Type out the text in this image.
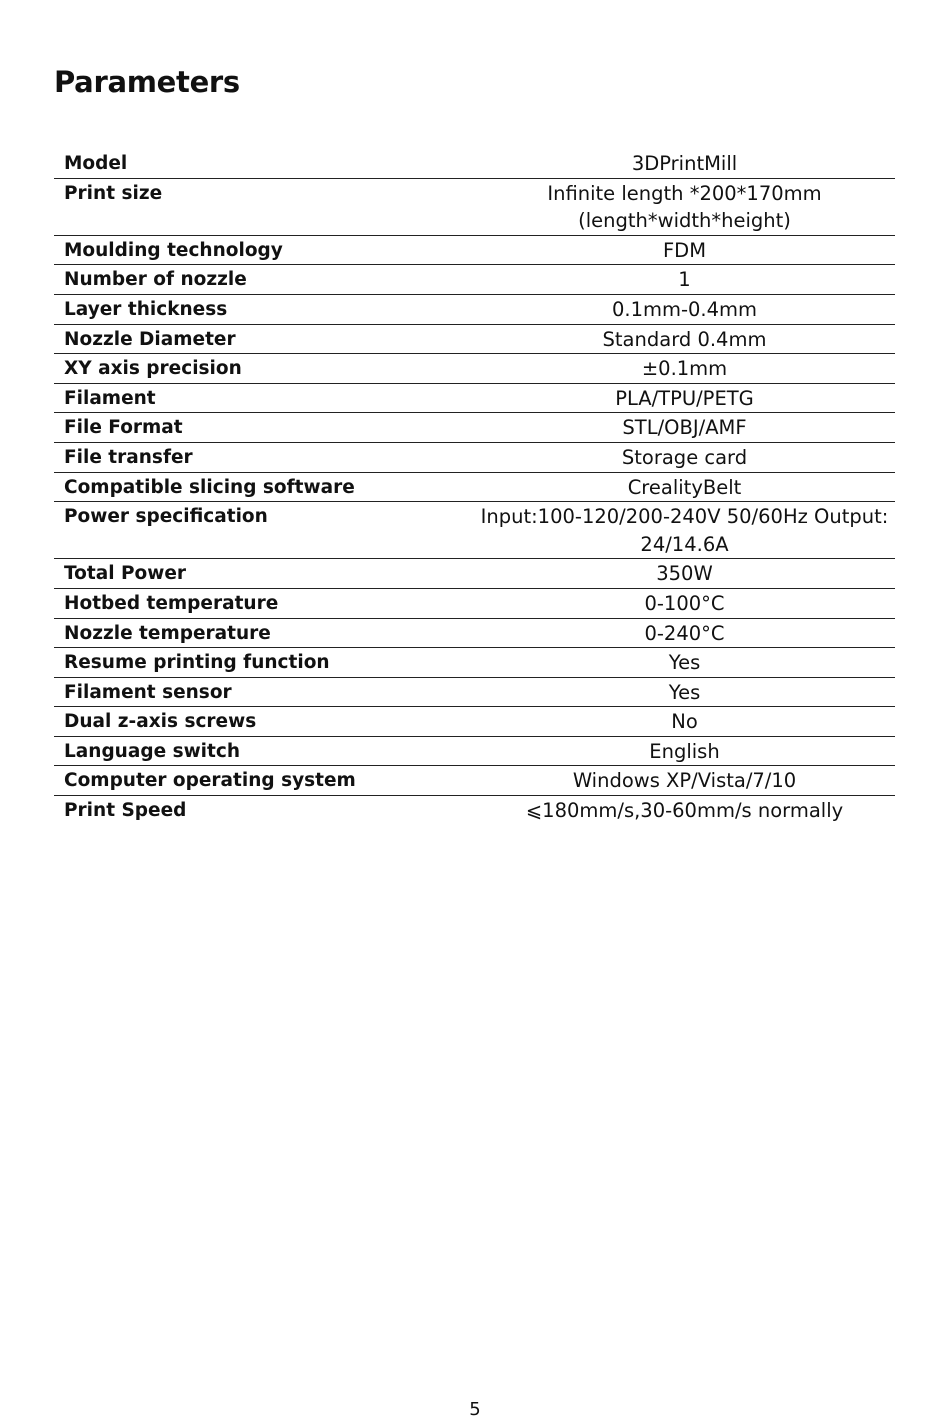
Parameters
Model	3DPrintMill
Print size	Infinite length *200*170mm
(length*width*height)
Moulding technology	FDM
Number of nozzle	1
Layer thickness	0.1mm-0.4mm
Nozzle Diameter	Standard 0.4mm
XY axis precision	±0.1mm
Filament	PLA/TPU/PETG
File Format	STL/OBJ/AMF
File transfer	Storage card
Compatible slicing software	CrealityBelt
Power specification	Input:100-120/200-240V 50/60Hz Output:
24/14.6A
Total Power	350W
Hotbed temperature	0-100°C
Nozzle temperature	0-240°C
Resume printing function	Yes
Filament sensor	Yes
Dual z-axis screws	No
Language switch	English
Computer operating system	Windows XP/Vista/7/10
Print Speed	⩽180mm/s,30-60mm/s normally
5
